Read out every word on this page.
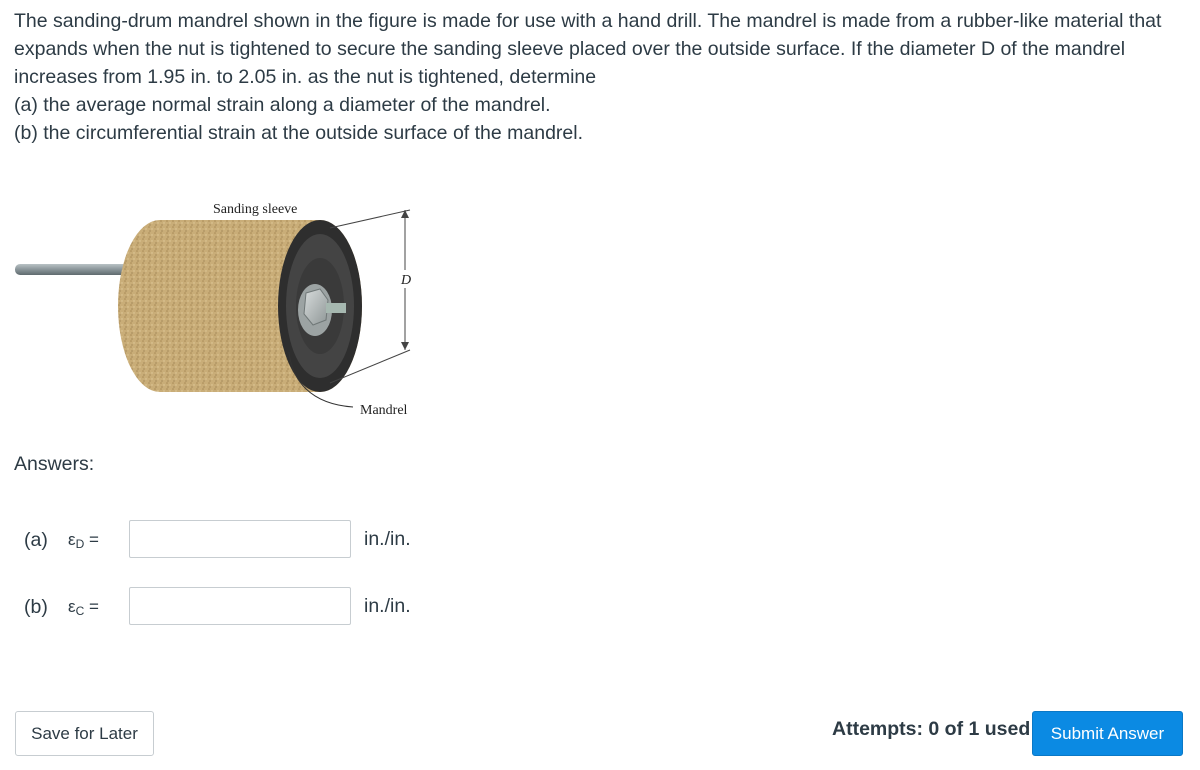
The sanding-drum mandrel shown in the figure is made for use with a hand drill. The mandrel is made from a rubber-like material that

expands when the nut is tightened to secure the sanding sleeve placed over the outside surface. If the diameter D of the mandrel

increases from 1.95 in. to 2.05 in. as the nut is tightened, determine

(a) the average normal strain along a diameter of the mandrel.

(b) the circumferential strain at the outside surface of the mandrel.

Sanding sleeve
D
Mandrel
Answers:
(a)	$\varepsilon_D$ =	in./in.
(b)	$\varepsilon_C$ =	in./in.
Save for Later	Attempts: 0 of 1 used	Submit Answer
